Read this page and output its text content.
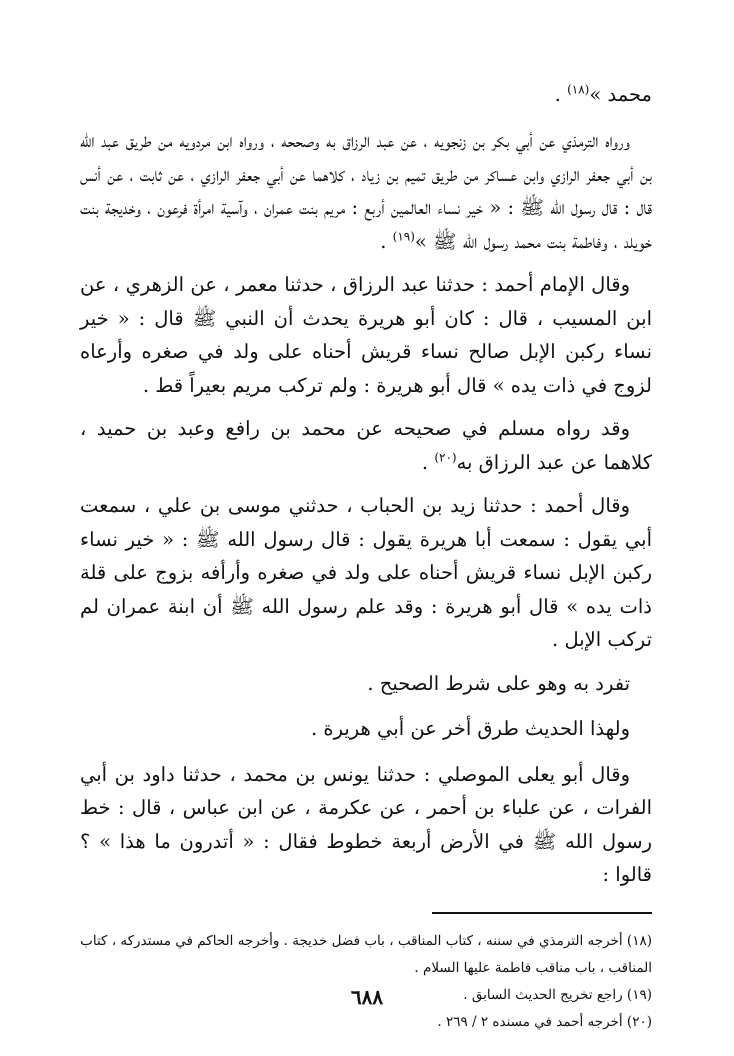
محمد »$^{(١٨)}$ .

ورواه الترمذي عن أبي بكر بن زنجويه ، عن عبد الرزاق به وصححه ، ورواه ابن مردويه من طريق عبد الله بن أبي جعفر الرازي وابن عساكر من طريق تميم بن زياد ، كلاهما عن أبي جعفر الرازي ، عن ثابت ، عن أنس قال : قال رسول الله ﷺ : « خير نساء العالمين أربع : مريم بنت عمران ، وآسية امرأة فرعون ، وخديجة بنت خويلد ، وفاطمة بنت محمد رسول الله ﷺ »$^{(١٩)}$ .

وقال الإمام أحمد : حدثنا عبد الرزاق ، حدثنا معمر ، عن الزهري ، عن ابن المسيب ، قال : كان أبو هريرة يحدث أن النبي ﷺ قال : « خير نساء ركبن الإبل صالح نساء قريش أحناه على ولد في صغره وأرعاه لزوج في ذات يده » قال أبو هريرة : ولم تركب مريم بعيراً قط .

وقد رواه مسلم في صحيحه عن محمد بن رافع وعبد بن حميد ، كلاهما عن عبد الرزاق به$^{(٢٠)}$ .

وقال أحمد : حدثنا زيد بن الحباب ، حدثني موسى بن علي ، سمعت أبي يقول : سمعت أبا هريرة يقول : قال رسول الله ﷺ : « خير نساء ركبن الإبل نساء قريش أحناه على ولد في صغره وأرأفه بزوج على قلة ذات يده » قال أبو هريرة : وقد علم رسول الله ﷺ أن ابنة عمران لم تركب الإبل .

تفرد به وهو على شرط الصحيح .

ولهذا الحديث طرق أخر عن أبي هريرة .

وقال أبو يعلى الموصلي : حدثنا يونس بن محمد ، حدثنا داود بن أبي الفرات ، عن علباء بن أحمر ، عن عكرمة ، عن ابن عباس ، قال : خط رسول الله ﷺ في الأرض أربعة خطوط فقال : « أتدرون ما هذا » ؟ قالوا :

(١٨) أخرجه الترمذي في سننه ، كتاب المناقب ، باب فضل خديجة . وأخرجه الحاكم في مستدركه ، كتاب المناقب ، باب مناقب فاطمة عليها السلام .

(١٩) راجع تخريج الحديث السابق .

(٢٠) أخرجه أحمد في مسنده ٢ / ٢٦٩ .

٦٨٨
